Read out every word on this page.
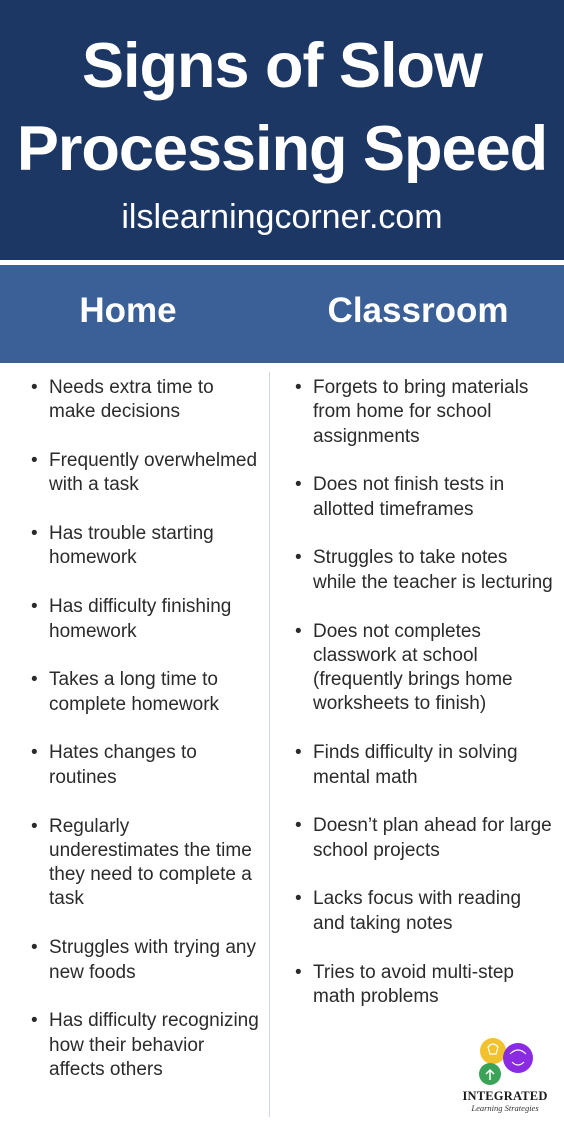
Signs of Slow
Processing Speed
ilslearningcorner.com
Home	Classroom
• Needs extra time to make decisions
• Frequently overwhelmed with a task
• Has trouble starting homework
• Has difficulty finishing homework
• Takes a long time to complete homework
• Hates changes to routines
• Regularly underestimates the time they need to complete a task
• Struggles with trying any new foods
• Has difficulty recognizing how their behavior affects others
• Forgets to bring materials from home for school assignments
• Does not finish tests in allotted timeframes
• Struggles to take notes while the teacher is lecturing
• Does not completes classwork at school (frequently brings home worksheets to finish)
• Finds difficulty in solving mental math
• Doesn’t plan ahead for large school projects
• Lacks focus with reading and taking notes
• Tries to avoid multi-step math problems
INTEGRATED
Learning Strategies
